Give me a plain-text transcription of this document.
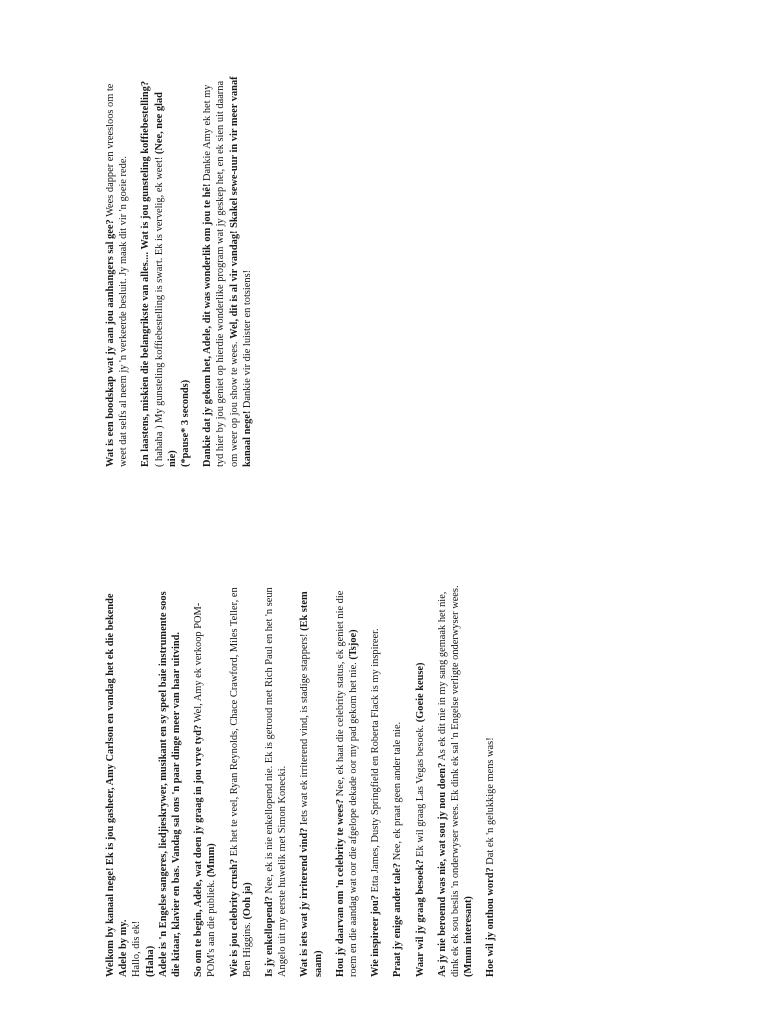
Welkom by kanaal nege! Ek is jou gasheer, Amy Carlson en vandag het ek die bekende Adele by my. Hallo, dis ek! (Haha) Adele is 'n Engelse sangeres, liedjieskrywer, musikant en sy speel baie instrumente soos die kitaar, klavier en bas. Vandag sal ons 'n paar dinge meer van haar uitvind. So om te begin, Adele, wat doen jy graag in jou vrye tyd? Wel, Amy ek verkoop POM-POM's aan die publiek. (Mmm) Wie is jou celebrity crush? Ek het te veel, Ryan Reynolds, Chace Crawford, Miles Teller, en Ben Higgins. (Ooh ja) Is jy enkellopend? Nee, ek is nie enkellopend nie. Ek is getroud met Rich Paul en het 'n seun Angelo uit my eerste huwelik met Simon Konecki. Wat is iets wat jy irriterend vind? Iets wat ek irriterend vind, is stadige stappers! (Ek stem saam) Hou jy daarvan om 'n celebrity te wees? Nee, ek haat die celebrity status, ek geniet nie die roem en die aandag wat oor die afgelope dekade oor my pad gekom het nie. (Tsjoe)
Wie inspireer jou? Etta James, Dusty Springfield en Roberta Flack is my inspireer.
Praat jy enige ander tale? Nee, ek praat geen ander tale nie.
Waar wil jy graag besoek? Ek wil graag Las Vegas besoek. (Goeie keuse)
As jy nie beroemd was nie, wat sou jy nou doen? As ek dit nie in my sang gemaak het nie, dink ek ek sou beslis 'n onderwyser wees. Ek dink ek sal 'n Engelse verligte onderwyser wees. (Mmm interesant) Hoe wil jy onthou word? Dat ek 'n gelukkige mens was!
Wat is een boodskap wat jy aan jou aanhangers sal gee? Wees dapper en vreesloos om te weet dat selfs al neem jy 'n verkeerde besluit. Jy maak dit vir 'n goeie rede. En laastens, miskien die belangrikste van alles.... Wat is jou gunsteling koffiebestelling? ( hahaha ) My gunsteling koffiebestelling is swart. Ek is vervelig, ek weet! (Nee, nee glad nie) (*pause* 3 seconds) Dankie dat jy gekom het, Adele, dit was wonderlik om jou te hê! Dankie Amy ek het my tyd hier by jou geniet op hierdie wonderlike program wat jy geskep het, en ek sien uit daarna om weer op jou show te wees. Wel, dit is al vir vandag! Skakel sewe-uur in vir meer vanaf kanaal nege! Dankie vir die luister en totsiens!
